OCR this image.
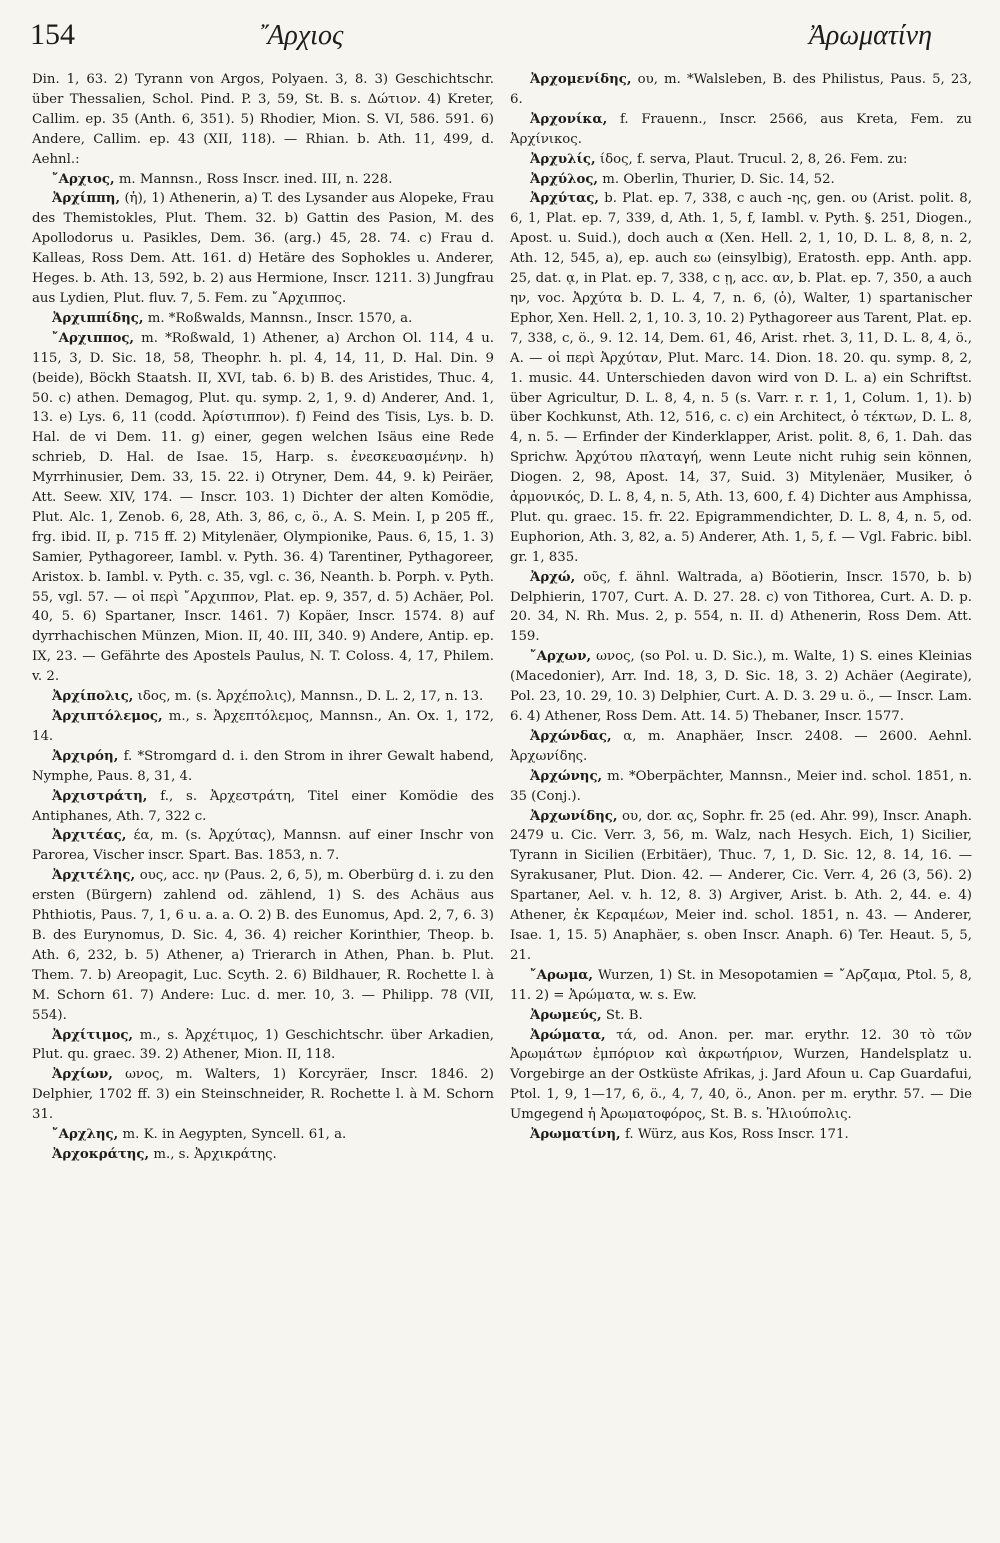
154	῎Αρχιος	Ἀρωματίνη

Din. 1, 63. 2) Tyrann von Argos, Polyaen. 3, 8. 3) Geschichtschr. über Thessalien, Schol. Pind. P. 3, 59, St. B. s. Δώτιον. 4) Kreter, Callim. ep. 35 (Anth. 6, 351). 5) Rhodier, Mion. S. VI, 586. 591. 6) Andere, Callim. ep. 43 (XII, 118). — Rhian. b. Ath. 11, 499, d. Aehnl.:

῎Αρχιος, m. Mannsn., Ross Inscr. ined. III, n. 228.

Ἀρχίππη, (ἡ), 1) Athenerin, a) T. des Lysander aus Alopeke, Frau des Themistokles, Plut. Them. 32. b) Gattin des Pasion, M. des Apollodorus u. Pasikles, Dem. 36. (arg.) 45, 28. 74. c) Frau d. Kalleas, Ross Dem. Att. 161. d) Hetäre des Sophokles u. Anderer, Heges. b. Ath. 13, 592, b. 2) aus Hermione, Inscr. 1211. 3) Jungfrau aus Lydien, Plut. fluv. 7, 5. Fem. zu ῎Αρχιππος.

Ἀρχιππίδης, m. *Roßwalds, Mannsn., Inscr. 1570, a.

῎Αρχιππος, m. *Roßwald, 1) Athener, a) Archon Ol. 114, 4 u. 115, 3, D. Sic. 18, 58, Theophr. h. pl. 4, 14, 11, D. Hal. Din. 9 (beide), Böckh Staatsh. II, XVI, tab. 6. b) B. des Aristides, Thuc. 4, 50. c) athen. Demagog, Plut. qu. symp. 2, 1, 9. d) Anderer, And. 1, 13. e) Lys. 6, 11 (codd. Ἀρίστιππον). f) Feind des Tisis, Lys. b. D. Hal. de vi Dem. 11. g) einer, gegen welchen Isäus eine Rede schrieb, D. Hal. de Isae. 15, Harp. s. ἐνεσκευασμένην. h) Myrrhinusier, Dem. 33, 15. 22. i) Otryner, Dem. 44, 9. k) Peiräer, Att. Seew. XIV, 174. — Inscr. 103. 1) Dichter der alten Komödie, Plut. Alc. 1, Zenob. 6, 28, Ath. 3, 86, c, ö., A. S. Mein. I, p 205 ff., frg. ibid. II, p. 715 ff. 2) Mitylenäer, Olympionike, Paus. 6, 15, 1. 3) Samier, Pythagoreer, Iambl. v. Pyth. 36. 4) Tarentiner, Pythagoreer, Aristox. b. Iambl. v. Pyth. c. 35, vgl. c. 36, Neanth. b. Porph. v. Pyth. 55, vgl. 57. — οἱ περὶ ῎Αρχιππον, Plat. ep. 9, 357, d. 5) Achäer, Pol. 40, 5. 6) Spartaner, Inscr. 1461. 7) Kopäer, Inscr. 1574. 8) auf dyrrhachischen Münzen, Mion. II, 40. III, 340. 9) Andere, Antip. ep. IX, 23. — Gefährte des Apostels Paulus, N. T. Coloss. 4, 17, Philem. v. 2.

Ἀρχίπολις, ιδος, m. (s. Ἀρχέπολις), Mannsn., D. L. 2, 17, n. 13.

Ἀρχιπτόλεμος, m., s. Ἀρχεπτόλεμος, Mannsn., An. Ox. 1, 172, 14.

Ἀρχιρόη, f. *Stromgard d. i. den Strom in ihrer Gewalt habend, Nymphe, Paus. 8, 31, 4.

Ἀρχιστράτη, f., s. Ἀρχεστράτη, Titel einer Komödie des Antiphanes, Ath. 7, 322 c.

Ἀρχιτέας, έα, m. (s. Ἀρχύτας), Mannsn. auf einer Inschr von Parorea, Vischer inscr. Spart. Bas. 1853, n. 7.

Ἀρχιτέλης, ους, acc. ην (Paus. 2, 6, 5), m. Oberbürg d. i. zu den ersten (Bürgern) zahlend od. zählend, 1) S. des Achäus aus Phthiotis, Paus. 7, 1, 6 u. a. a. O. 2) B. des Eunomus, Apd. 2, 7, 6. 3) B. des Eurynomus, D. Sic. 4, 36. 4) reicher Korinthier, Theop. b. Ath. 6, 232, b. 5) Athener, a) Trierarch in Athen, Phan. b. Plut. Them. 7. b) Areopagit, Luc. Scyth. 2. 6) Bildhauer, R. Rochette l. à M. Schorn 61. 7) Andere: Luc. d. mer. 10, 3. — Philipp. 78 (VII, 554).

Ἀρχίτιμος, m., s. Ἀρχέτιμος, 1) Geschichtschr. über Arkadien, Plut. qu. graec. 39. 2) Athener, Mion. II, 118.

Ἀρχίων, ωνος, m. Walters, 1) Korcyräer, Inscr. 1846. 2) Delphier, 1702 ff. 3) ein Steinschneider, R. Rochette l. à M. Schorn 31.

῎Αρχλης, m. K. in Aegypten, Syncell. 61, a.

Ἀρχοκράτης, m., s. Ἀρχικράτης.

Ἀρχομενίδης, ου, m. *Walsleben, B. des Philistus, Paus. 5, 23, 6.

Ἀρχονίκα, f. Frauenn., Inscr. 2566, aus Kreta, Fem. zu Ἀρχίνικος.

Ἀρχυλίς, ίδος, f. serva, Plaut. Trucul. 2, 8, 26. Fem. zu:

Ἀρχύλος, m. Oberlin, Thurier, D. Sic. 14, 52.

Ἀρχύτας, b. Plat. ep. 7, 338, c auch -ης, gen. ου (Arist. polit. 8, 6, 1, Plat. ep. 7, 339, d, Ath. 1, 5, f, Iambl. v. Pyth. §. 251, Diogen., Apost. u. Suid.), doch auch α (Xen. Hell. 2, 1, 10, D. L. 8, 8, n. 2, Ath. 12, 545, a), ep. auch εω (einsylbig), Eratosth. epp. Anth. app. 25, dat. ᾳ, in Plat. ep. 7, 338, c ῃ, acc. αν, b. Plat. ep. 7, 350, a auch ην, voc. Ἀρχύτα b. D. L. 4, 7, n. 6, (ὁ), Walter, 1) spartanischer Ephor, Xen. Hell. 2, 1, 10. 3, 10. 2) Pythagoreer aus Tarent, Plat. ep. 7, 338, c, ö., 9. 12. 14, Dem. 61, 46, Arist. rhet. 3, 11, D. L. 8, 4, ö., A. — οἱ περὶ Ἀρχύταν, Plut. Marc. 14. Dion. 18. 20. qu. symp. 8, 2, 1. music. 44. Unterschieden davon wird von D. L. a) ein Schriftst. über Agricultur, D. L. 8, 4, n. 5 (s. Varr. r. r. 1, 1, Colum. 1, 1). b) über Kochkunst, Ath. 12, 516, c. c) ein Architect, ὁ τέκτων, D. L. 8, 4, n. 5. — Erfinder der Kinderklapper, Arist. polit. 8, 6, 1. Dah. das Sprichw. Ἀρχύτου πλαταγή, wenn Leute nicht ruhig sein können, Diogen. 2, 98, Apost. 14, 37, Suid. 3) Mitylenäer, Musiker, ὁ ἁρμονικός, D. L. 8, 4, n. 5, Ath. 13, 600, f. 4) Dichter aus Amphissa, Plut. qu. graec. 15. fr. 22. Epigrammendichter, D. L. 8, 4, n. 5, od. Euphorion, Ath. 3, 82, a. 5) Anderer, Ath. 1, 5, f. — Vgl. Fabric. bibl. gr. 1, 835.

Ἀρχώ, οῦς, f. ähnl. Waltrada, a) Böotierin, Inscr. 1570, b. b) Delphierin, 1707, Curt. A. D. 27. 28. c) von Tithorea, Curt. A. D. p. 20. 34, N. Rh. Mus. 2, p. 554, n. II. d) Athenerin, Ross Dem. Att. 159.

῎Αρχων, ωνος, (so Pol. u. D. Sic.), m. Walte, 1) S. eines Kleinias (Macedonier), Arr. Ind. 18, 3, D. Sic. 18, 3. 2) Achäer (Aegirate), Pol. 23, 10. 29, 10. 3) Delphier, Curt. A. D. 3. 29 u. ö., — Inscr. Lam. 6. 4) Athener, Ross Dem. Att. 14. 5) Thebaner, Inscr. 1577.

Ἀρχώνδας, α, m. Anaphäer, Inscr. 2408. — 2600. Aehnl. Ἀρχωνίδης.

Ἀρχώνης, m. *Oberpächter, Mannsn., Meier ind. schol. 1851, n. 35 (Conj.).

Ἀρχωνίδης, ου, dor. ας, Sophr. fr. 25 (ed. Ahr. 99), Inscr. Anaph. 2479 u. Cic. Verr. 3, 56, m. Walz, nach Hesych. Eich, 1) Sicilier, Tyrann in Sicilien (Erbitäer), Thuc. 7, 1, D. Sic. 12, 8. 14, 16. — Syrakusaner, Plut. Dion. 42. — Anderer, Cic. Verr. 4, 26 (3, 56). 2) Spartaner, Ael. v. h. 12, 8. 3) Argiver, Arist. b. Ath. 2, 44. e. 4) Athener, ἐκ Κεραμέων, Meier ind. schol. 1851, n. 43. — Anderer, Isae. 1, 15. 5) Anaphäer, s. oben Inscr. Anaph. 6) Ter. Heaut. 5, 5, 21.

῎Αρωμα, Wurzen, 1) St. in Mesopotamien = ῎Αρζαμα, Ptol. 5, 8, 11. 2) = Ἀρώματα, w. s. Ew.

Ἀρωμεύς, St. B.

Ἀρώματα, τά, od. Anon. per. mar. erythr. 12. 30 τὸ τῶν Ἀρωμάτων ἐμπόριον καὶ ἀκρωτήριον, Wurzen, Handelsplatz u. Vorgebirge an der Ostküste Afrikas, j. Jard Afoun u. Cap Guardafui, Ptol. 1, 9, 1—17, 6, ö., 4, 7, 40, ö., Anon. per m. erythr. 57. — Die Umgegend ἡ Ἀρωματοφόρος, St. B. s. Ἡλιούπολις.

Ἀρωματίνη, f. Würz, aus Kos, Ross Inscr. 171.
